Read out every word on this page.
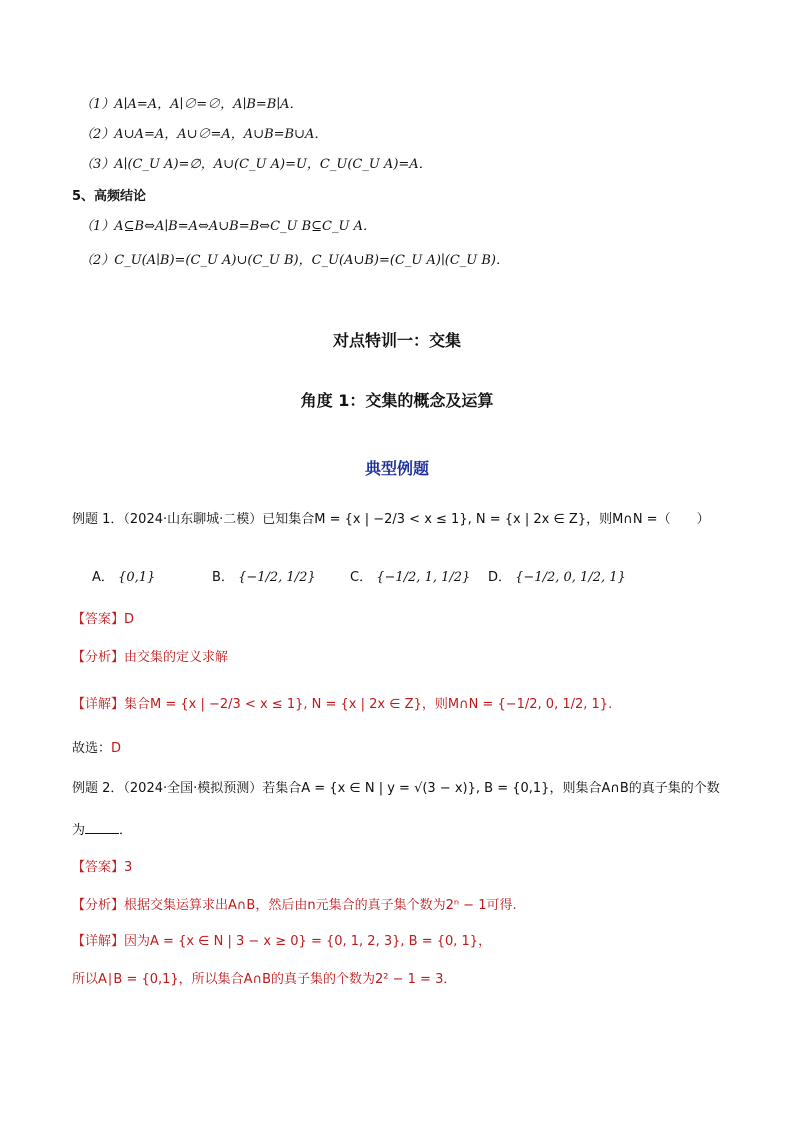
（1）A∣A=A，A∣∅=∅，A∣B=B∣A．
（2）A∪A=A，A∪∅=A，A∪B=B∪A．
（3）A∣(C_U A)=∅，A∪(C_U A)=U，C_U(C_U A)=A．
5、高频结论
（1）A⊆B⇔A∣B=A⇔A∪B=B⇔C_U B⊆C_U A．
（2）C_U(A∣B)=(C_U A)∪(C_U B)，C_U(A∪B)=(C_U A)∣(C_U B)．
对点特训一：交集
角度 1：交集的概念及运算
典型例题
例题 1．（2024·山东聊城·二模）已知集合M = {x | −2/3 < x ≤ 1}, N = {x | 2x ∈ Z}，则M∩N =（　　）
A． {0,1}	B． {−1/2, 1/2}	C． {−1/2, 1, 1/2} D． {−1/2, 0, 1/2, 1}
【答案】D
【分析】由交集的定义求解
【详解】集合M = {x | −2/3 < x ≤ 1}, N = {x | 2x ∈ Z}，则M∩N = {−1/2, 0, 1/2, 1}.
故选：D
例题 2．（2024·全国·模拟预测）若集合A = {x ∈ N | y = √(3 − x)}, B = {0,1}，则集合A∩B的真子集的个数
为	．
【答案】3
【分析】根据交集运算求出A∩B，然后由n元集合的真子集个数为2ⁿ − 1可得.
【详解】因为A = {x ∈ N | 3 − x ≥ 0} = {0, 1, 2, 3}, B = {0, 1}，
所以A∣B = {0,1}，所以集合A∩B的真子集的个数为2² − 1 = 3．
